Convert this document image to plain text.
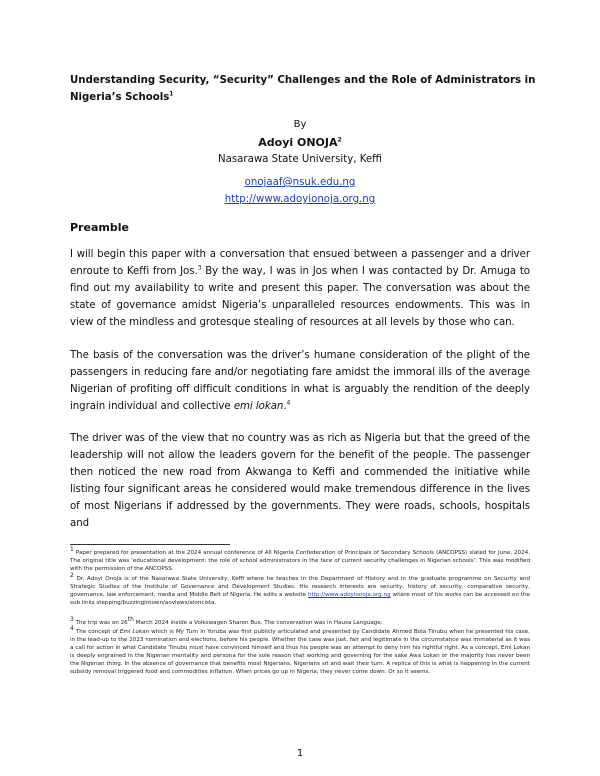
Understanding Security, “Security” Challenges and the Role of Administrators in Nigeria’s Schools$^1$
By
Adoyi ONOJA$^2$
Nasarawa State University, Keffi
onojaaf@nsuk.edu.ng
http://www.adoyionoja.org.ng
Preamble
I will begin this paper with a conversation that ensued between a passenger and a driver enroute to Keffi from Jos.$^3$ By the way, I was in Jos when I was contacted by Dr. Amuga to find out my availability to write and present this paper. The conversation was about the state of governance amidst Nigeria’s unparalleled resources endowments. This was in view of the mindless and grotesque stealing of resources at all levels by those who can.
The basis of the conversation was the driver’s humane consideration of the plight of the passengers in reducing fare and/or negotiating fare amidst the immoral ills of the average Nigerian of profiting off difficult conditions in what is arguably the rendition of the deeply ingrain individual and collective emi lokan.$^4$
The driver was of the view that no country was as rich as Nigeria but that the greed of the leadership will not allow the leaders govern for the benefit of the people. The passenger then noticed the new road from Akwanga to Keffi and commended the initiative while listing four significant areas he considered would make tremendous difference in the lives of most Nigerians if addressed by the governments. They were roads, schools, hospitals and
$^1$ Paper prepared for presentation at the 2024 annual conference of All Nigeria Confederation of Principals of Secondary Schools (ANCOPSS) slated for June, 2024. The original title was ‘educational development: the role of school administrators in the face of current security challenges in Nigerian schools’. This was modified with the permission of the ANCOPSS.
$^2$ Dr. Adoyi Onoja is of the Nasarawa State University, Keffi where he teaches in the Department of History and in the graduate programme on Security and Strategic Studies of the Institute of Governance and Development Studies. His research interests are security, history of security, comparative security, governance, law enforcement, media and Middle Belt of Nigeria. He edits a website http://www.adoyionoja.org.ng where most of his works can be accessed on the sub links stepping/buzzingintown/aoviews/aloncista.
$^3$ The trip was on 26th March 2024 inside a Volkswagen Sharon Bus. The conversation was in Hausa Language.
$^4$ The concept of Emi Lokan which is My Turn in Yoruba was first publicly articulated and presented by Candidate Ahmed Bola Tinubu when he presented his case, in the lead-up to the 2023 nomination and elections, before his people. Whether the case was just, fair and legitimate in the circumstance was immaterial as it was a call for action in what Candidate Tinubu must have convinced himself and thus his people was an attempt to deny him his rightful right. As a concept, Emi Lokan is deeply engrained in the Nigerian mentality and persona for the sole reason that working and governing for the sake Awa Lokan or the majority has never been the Nigerian thing. In the absence of governance that benefits most Nigerians, Nigerians sit and wait their turn. A replica of this is what is happening in the current subsidy removal triggered food and commodities inflation. When prices go up in Nigeria, they never come down. Or so it seems.
1
